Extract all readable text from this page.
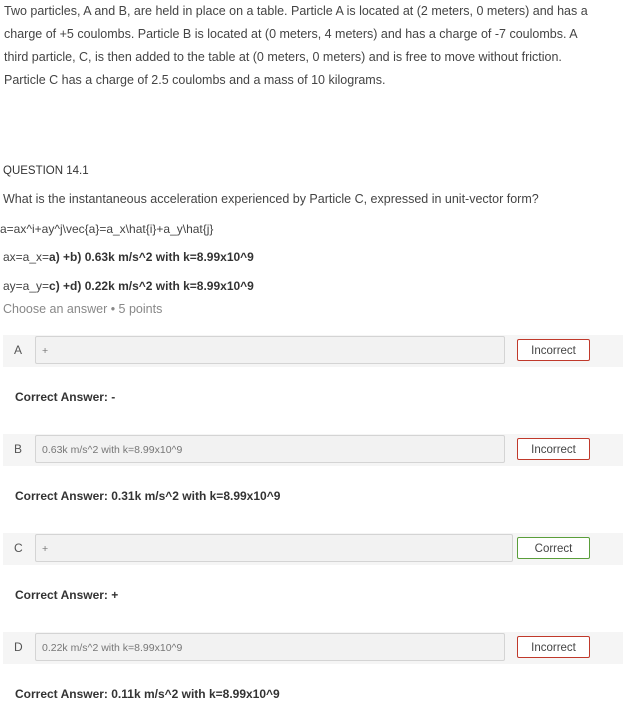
Two particles, A and B, are held in place on a table. Particle A is located at (2 meters, 0 meters) and has a charge of +5 coulombs. Particle B is located at (0 meters, 4 meters) and has a charge of -7 coulombs. A third particle, C, is then added to the table at (0 meters, 0 meters) and is free to move without friction. Particle C has a charge of 2.5 coulombs and a mass of 10 kilograms.
QUESTION 14.1
What is the instantaneous acceleration experienced by Particle C, expressed in unit-vector form?
a=ax^i+ay^j\vec{a}=a_x\hat{i}+a_y\hat{j}
ax=a_x=a) +b) 0.63k m/s^2 with k=8.99x10^9
ay=a_y=c) +d) 0.22k m/s^2 with k=8.99x10^9
Choose an answer • 5 points
A	+	Incorrect
Correct Answer: -
B	0.63k m/s^2 with k=8.99x10^9	Incorrect
Correct Answer: 0.31k m/s^2 with k=8.99x10^9
C	+	Correct
Correct Answer: +
D	0.22k m/s^2 with k=8.99x10^9	Incorrect
Correct Answer: 0.11k m/s^2 with k=8.99x10^9
